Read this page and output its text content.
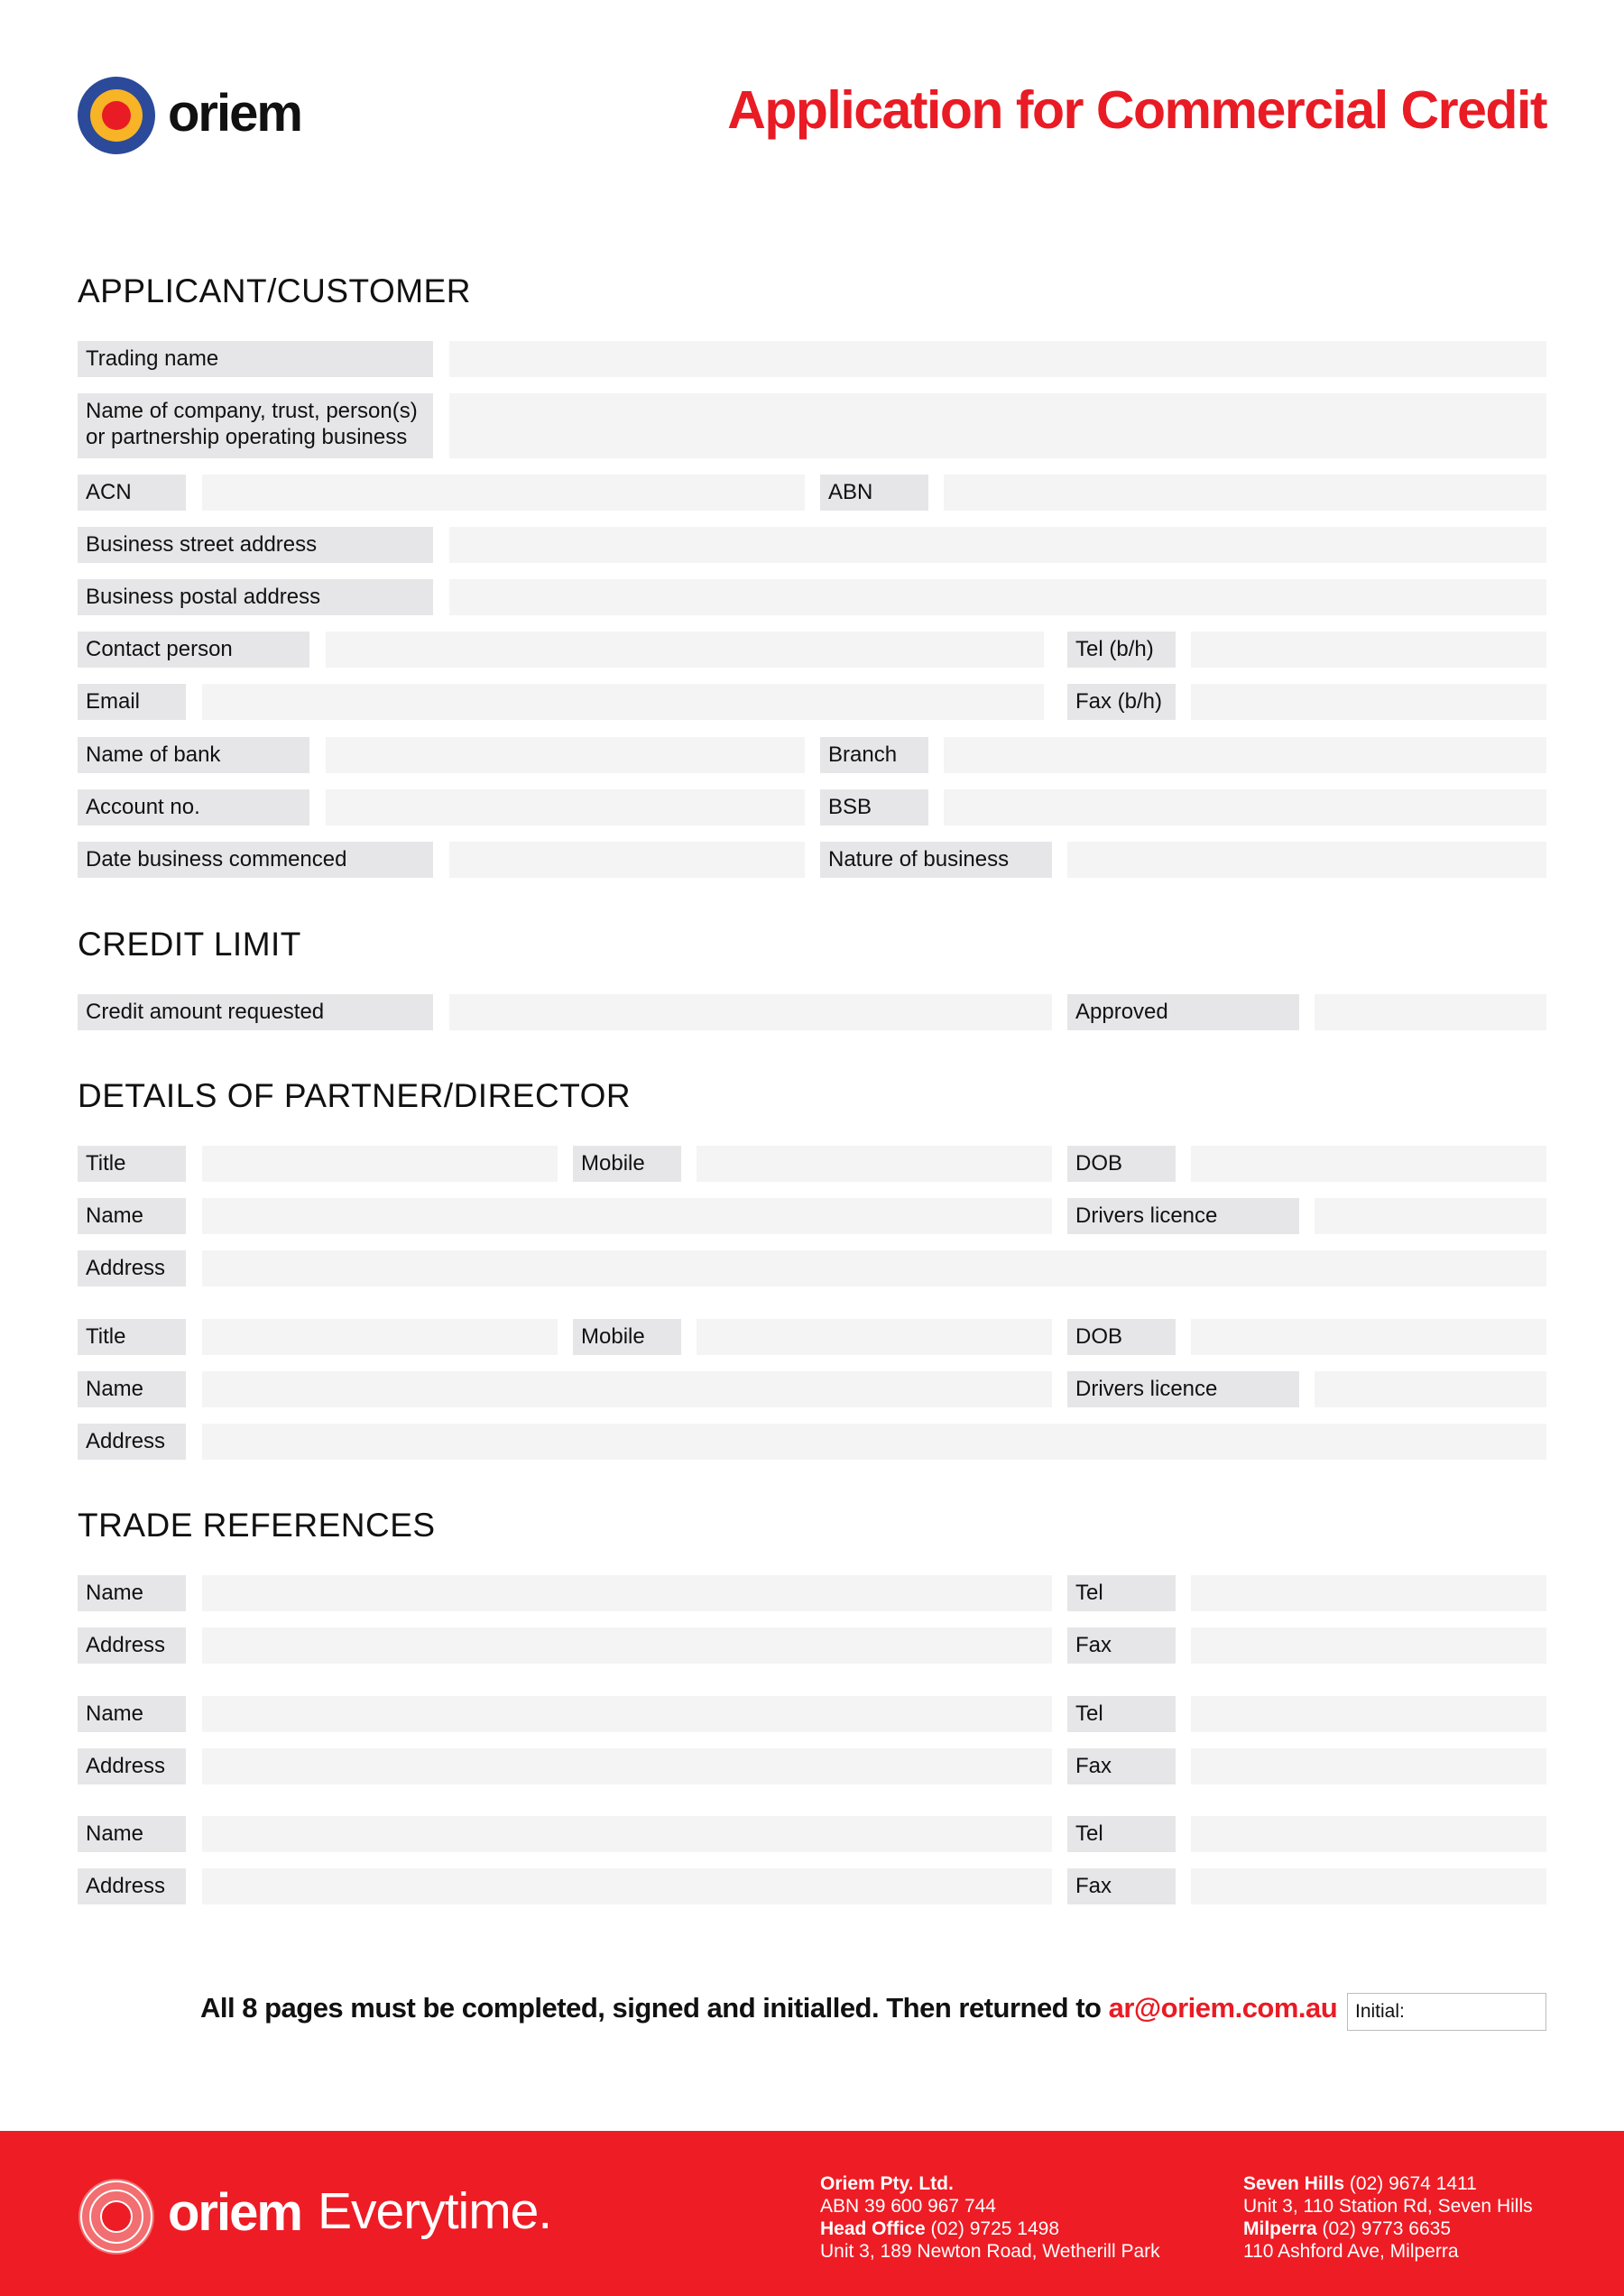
oriem	Application for Commercial Credit
APPLICANT/CUSTOMER
Trading name
Name of company, trust, person(s) or partnership operating business
ACN	ABN
Business street address
Business postal address
Contact person	Tel (b/h)
Email	Fax (b/h)
Name of bank	Branch
Account no.	BSB
Date business commenced	Nature of business
CREDIT LIMIT
Credit amount requested	Approved
DETAILS OF PARTNER/DIRECTOR
Title	Mobile	DOB
Name	Drivers licence
Address
Title	Mobile	DOB
Name	Drivers licence
Address
TRADE REFERENCES
Name	Tel
Address	Fax
Name	Tel
Address	Fax
Name	Tel
Address	Fax
All 8 pages must be completed, signed and initialled. Then returned to ar@oriem.com.au Initial:
oriem Everytime.	Oriem Pty. Ltd.
ABN 39 600 967 744
Head Office (02) 9725 1498
Unit 3, 189 Newton Road, Wetherill Park
Seven Hills (02) 9674 1411
Unit 3, 110 Station Rd, Seven Hills
Milperra (02) 9773 6635
110 Ashford Ave, Milperra
